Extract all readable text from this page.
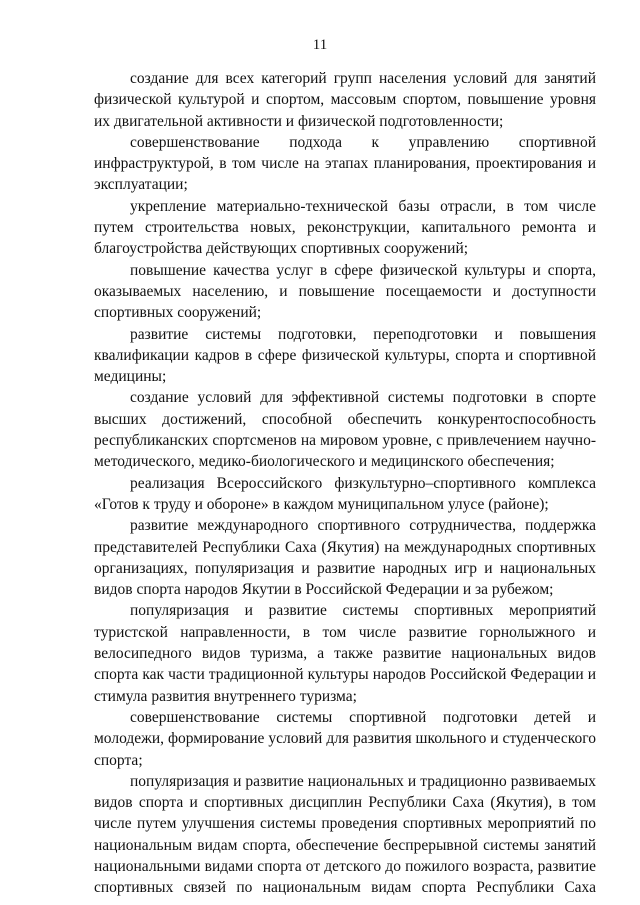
11

создание для всех категорий групп населения условий для занятий физической культурой и спортом, массовым спортом, повышение уровня их двигательной активности и физической подготовленности;

совершенствование подхода к управлению спортивной инфраструктурой, в том числе на этапах планирования, проектирования и эксплуатации;

укрепление материально-технической базы отрасли, в том числе путем строительства новых, реконструкции, капитального ремонта и благоустройства действующих спортивных сооружений;

повышение качества услуг в сфере физической культуры и спорта, оказываемых населению, и повышение посещаемости и доступности спортивных сооружений;

развитие системы подготовки, переподготовки и повышения квалификации кадров в сфере физической культуры, спорта и спортивной медицины;

создание условий для эффективной системы подготовки в спорте высших достижений, способной обеспечить конкурентоспособность республиканских спортсменов на мировом уровне, с привлечением научно-методического, медико-биологического и медицинского обеспечения;

реализация Всероссийского физкультурно–спортивного комплекса «Готов к труду и обороне» в каждом муниципальном улусе (районе);

развитие международного спортивного сотрудничества, поддержка представителей Республики Саха (Якутия) на международных спортивных организациях, популяризация и развитие народных игр и национальных видов спорта народов Якутии в Российской Федерации и за рубежом;

популяризация и развитие системы спортивных мероприятий туристской направленности, в том числе развитие горнолыжного и велосипедного видов туризма, а также развитие национальных видов спорта как части традиционной культуры народов Российской Федерации и стимула развития внутреннего туризма;

совершенствование системы спортивной подготовки детей и молодежи, формирование условий для развития школьного и студенческого спорта;

популяризация и развитие национальных и традиционно развиваемых видов спорта и спортивных дисциплин Республики Саха (Якутия), в том числе путем улучшения системы проведения спортивных мероприятий по национальным видам спорта, обеспечение беспрерывной системы занятий национальными видами спорта от детского до пожилого возраста, развитие спортивных связей по национальным видам спорта Республики Саха
